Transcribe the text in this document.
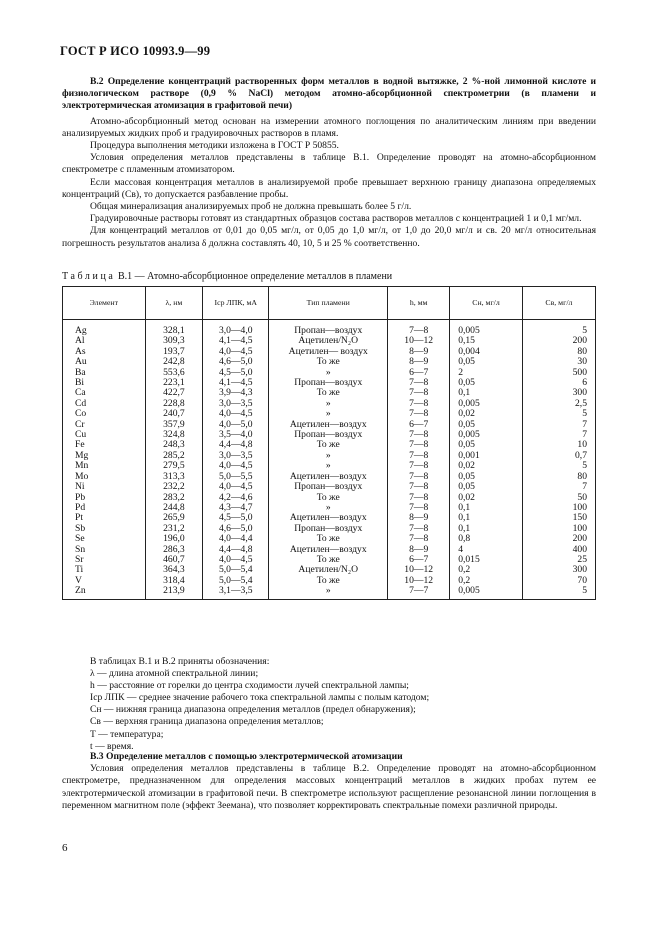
ГОСТ Р ИСО 10993.9—99

B.2 Определение концентраций растворенных форм металлов в водной вытяжке, 2 %-ной лимонной кислоте и физиологическом растворе (0,9 % NaCl) методом атомно-абсорбционной спектрометрии (в пламени и электротермическая атомизация в графитовой печи)

Атомно-абсорбционный метод основан на измерении атомного поглощения по аналитическим линиям при введении анализируемых жидких проб и градуировочных растворов в пламя.

Процедура выполнения методики изложена в ГОСТ Р 50855.

Условия определения металлов представлены в таблице В.1. Определение проводят на атомно-абсорбционном спектрометре с пламенным атомизатором.

Если массовая концентрация металлов в анализируемой пробе превышает верхнюю границу диапазона определяемых концентраций (Cв), то допускается разбавление пробы.

Общая минерализация анализируемых проб не должна превышать более 5 г/л.

Градуировочные растворы готовят из стандартных образцов состава растворов металлов с концентрацией 1 и 0,1 мг/мл.

Для концентраций металлов от 0,01 до 0,05 мг/л, от 0,05 до 1,0 мг/л, от 1,0 до 20,0 мг/л и св. 20 мг/л относительная погрешность результатов анализа δ должна составлять 40, 10, 5 и 25 % соответственно.

Таблица В.1 — Атомно-абсорбционное определение металлов в пламени
Элемент	λ, нм	Iср ЛПК, мА	Тип пламени	h, мм	Cн, мг/л	Cв, мг/л
Ag	328,1	3,0—4,0	Пропан—воздух	7—8	0,005	5
Al	309,3	4,1—4,5	Ацетилен/N₂O	10—12	0,15	200
As	193,7	4,0—4,5	Ацетилен— воздух	8—9	0,004	80
Au	242,8	4,6—5,0	То же	8—9	0,05	30
Ba	553,6	4,5—5,0	»	6—7	2	500
Bi	223,1	4,1—4,5	Пропан—воздух	7—8	0,05	6
Ca	422,7	3,9—4,3	То же	7—8	0,1	300
Cd	228,8	3,0—3,5	»	7—8	0,005	2,5
Co	240,7	4,0—4,5	»	7—8	0,02	5
Cr	357,9	4,0—5,0	Ацетилен—воздух	6—7	0,05	7
Cu	324,8	3,5—4,0	Пропан—воздух	7—8	0,005	7
Fe	248,3	4,4—4,8	То же	7—8	0,05	10
Mg	285,2	3,0—3,5	»	7—8	0,001	0,7
Mn	279,5	4,0—4,5	»	7—8	0,02	5
Mo	313,3	5,0—5,5	Ацетилен—воздух	7—8	0,05	80
Ni	232,2	4,0—4,5	Пропан—воздух	7—8	0,05	7
Pb	283,2	4,2—4,6	То же	7—8	0,02	50
Pd	244,8	4,3—4,7	»	7—8	0,1	100
Pt	265,9	4,5—5,0	Ацетилен—воздух	8—9	0,1	150
Sb	231,2	4,6—5,0	Пропан—воздух	7—8	0,1	100
Se	196,0	4,0—4,4	То же	7—8	0,8	200
Sn	286,3	4,4—4,8	Ацетилен—воздух	8—9	4	400
Sr	460,7	4,0—4,5	То же	6—7	0,015	25
Ti	364,3	5,0—5,4	Ацетилен/N₂O	10—12	0,2	300
V	318,4	5,0—5,4	То же	10—12	0,2	70
Zn	213,9	3,1—3,5	»	7—7	0,005	5
В таблицах В.1 и В.2 приняты обозначения:
λ — длина атомной спектральной линии;
h — расстояние от горелки до центра сходимости лучей спектральной лампы;
Iср ЛПК — среднее значение рабочего тока спектральной лампы с полым катодом;
Cн — нижняя граница диапазона определения металлов (предел обнаружения);
Cв — верхняя граница диапазона определения металлов;
T — температура;
t — время.

B.3 Определение металлов с помощью электротермической атомизации

Условия определения металлов представлены в таблице В.2. Определение проводят на атомно-абсорбционном спектрометре, предназначенном для определения массовых концентраций металлов в жидких пробах путем ее электротермической атомизации в графитовой печи. В спектрометре используют расщепление резонансной линии поглощения в переменном магнитном поле (эффект Зеемана), что позволяет корректировать спектральные помехи различной природы.

6
